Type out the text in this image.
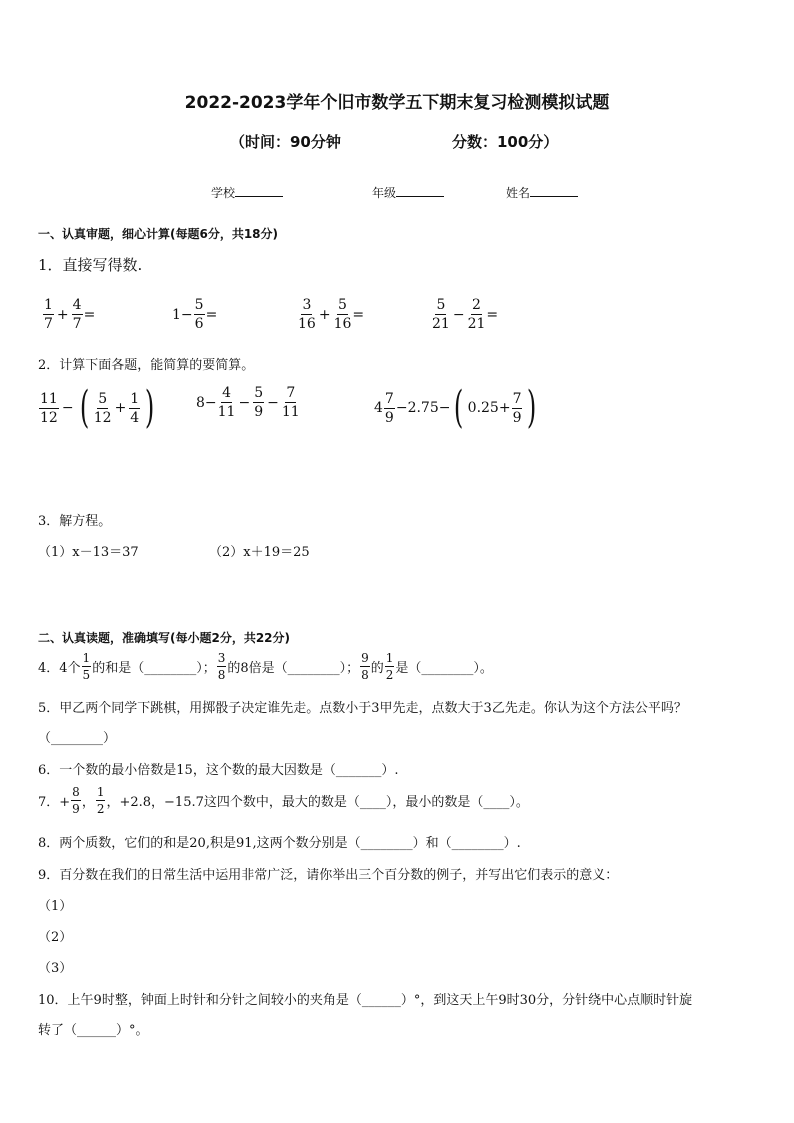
2022-2023学年个旧市数学五下期末复习检测模拟试题
（时间：90分钟	分数：100分）
学校	年级	姓名
一、认真审题，细心计算(每题6分，共18分)
1．直接写得数.
$\frac{1}{7} + \frac{4}{7}$ =	$1- \frac{5}{6}$ =	$\frac{3}{16} + \frac{5}{16}$ =	$\frac{5}{21} - \frac{2}{21}$ =
2．计算下面各题，能简算的要简算。
$\frac{11}{12}$ − ( $\frac{5}{12} + \frac{1}{4}$ )	$8- \frac{4}{11} - \frac{5}{9} - \frac{7}{11}$	$4 \frac{7}{9} -2.75-$ ( $0.25+ \frac{7}{9}$ )
3．解方程。
（1）x－13＝37	（2）x＋19＝25
二、认真读题，准确填写(每小题2分，共22分)
4．4个 $\frac{1}{5}$ 的和是（________）； $\frac{3}{8}$ 的8倍是（________）； $\frac{9}{8}$ 的 $\frac{1}{2}$ 是（________）。
5．甲乙两个同学下跳棋，用掷骰子决定谁先走。点数小于3甲先走，点数大于3乙先走。你认为这个方法公平吗？
（________）
6．一个数的最小倍数是15，这个数的最大因数是（_______）.
7．+ $\frac{8}{9}$ ， $\frac{1}{2}$ ，+2.8，−15.7这四个数中，最大的数是（____），最小的数是（____）。
8．两个质数，它们的和是20,积是91,这两个数分别是（________）和（________）.
9．百分数在我们的日常生活中运用非常广泛，请你举出三个百分数的例子，并写出它们表示的意义：
（1）
（2）
（3）
10．上午9时整，钟面上时针和分针之间较小的夹角是（______）°，到这天上午9时30分，分针绕中心点顺时针旋
转了（______）°。
